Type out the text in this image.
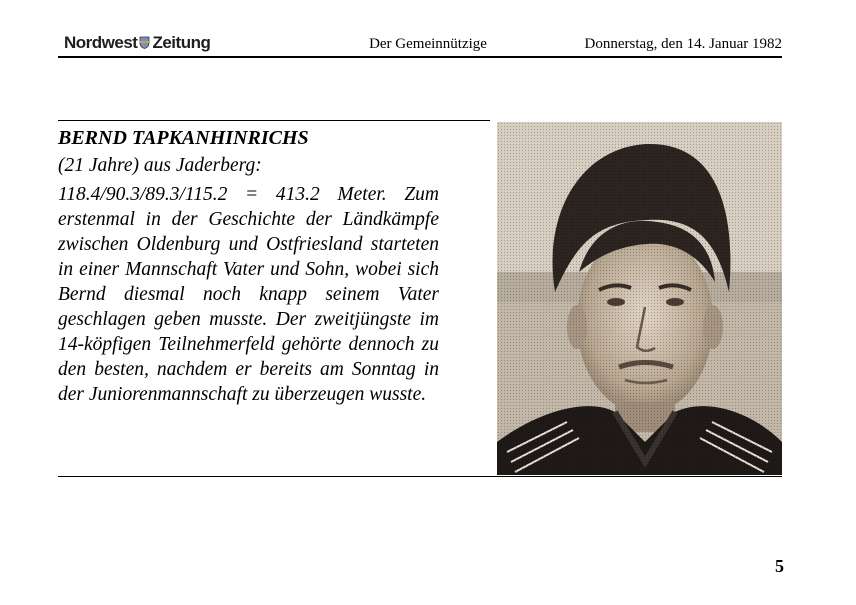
Nordwest Zeitung	Der Gemeinnützige	Donnerstag, den 14. Januar 1982

BERND TAPKANHINRICHS

(21 Jahre) aus Jaderberg:

118.4/90.3/89.3/115.2 = 413.2 Meter. Zum erstenmal in der Geschichte der Ländkämpfe zwischen Oldenburg und Ostfriesland starteten in einer Mannschaft Vater und Sohn, wobei sich Bernd diesmal noch knapp seinem Vater geschlagen geben musste. Der zweitjüngste im 14-köpfigen Teilnehmerfeld gehörte dennoch zu den besten, nachdem er bereits am Sonntag in der Juniorenmannschaft zu überzeugen wusste.

5
